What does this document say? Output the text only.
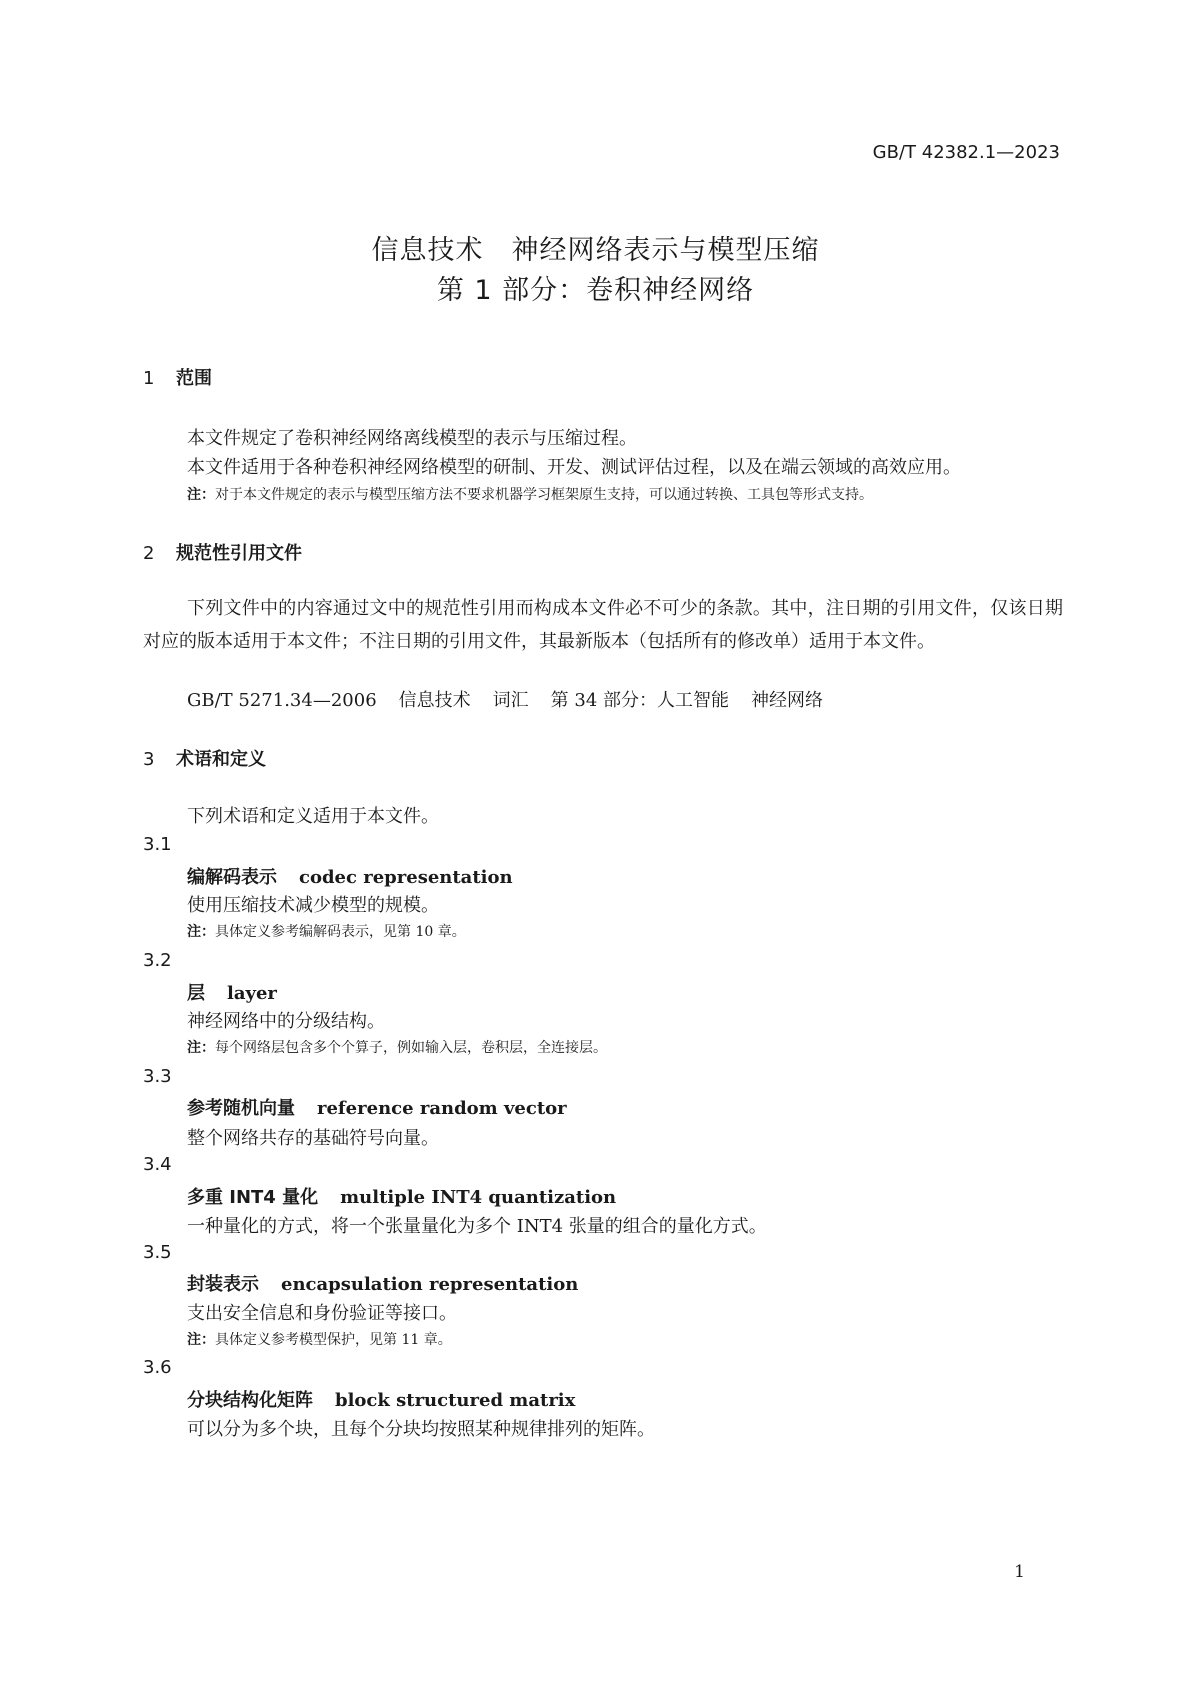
GB/T 42382.1—2023
信息技术　神经网络表示与模型压缩
第 1 部分：卷积神经网络
1 范围
本文件规定了卷积神经网络离线模型的表示与压缩过程。
本文件适用于各种卷积神经网络模型的研制、开发、测试评估过程，以及在端云领域的高效应用。
注：对于本文件规定的表示与模型压缩方法不要求机器学习框架原生支持，可以通过转换、工具包等形式支持。
2 规范性引用文件
下列文件中的内容通过文中的规范性引用而构成本文件必不可少的条款。其中，注日期的引用文件，仅该日期对应的版本适用于本文件；不注日期的引用文件，其最新版本（包括所有的修改单）适用于本文件。
GB/T 5271.34—2006 信息技术 词汇 第 34 部分：人工智能 神经网络
3 术语和定义
下列术语和定义适用于本文件。
3.1
编解码表示 codec representation
使用压缩技术减少模型的规模。
注：具体定义参考编解码表示，见第 10 章。
3.2
层 layer
神经网络中的分级结构。
注：每个网络层包含多个个算子，例如输入层，卷积层，全连接层。
3.3
参考随机向量 reference random vector
整个网络共存的基础符号向量。
3.4
多重 INT4 量化 multiple INT4 quantization
一种量化的方式，将一个张量量化为多个 INT4 张量的组合的量化方式。
3.5
封装表示 encapsulation representation
支出安全信息和身份验证等接口。
注：具体定义参考模型保护，见第 11 章。
3.6
分块结构化矩阵 block structured matrix
可以分为多个块，且每个分块均按照某种规律排列的矩阵。
1
